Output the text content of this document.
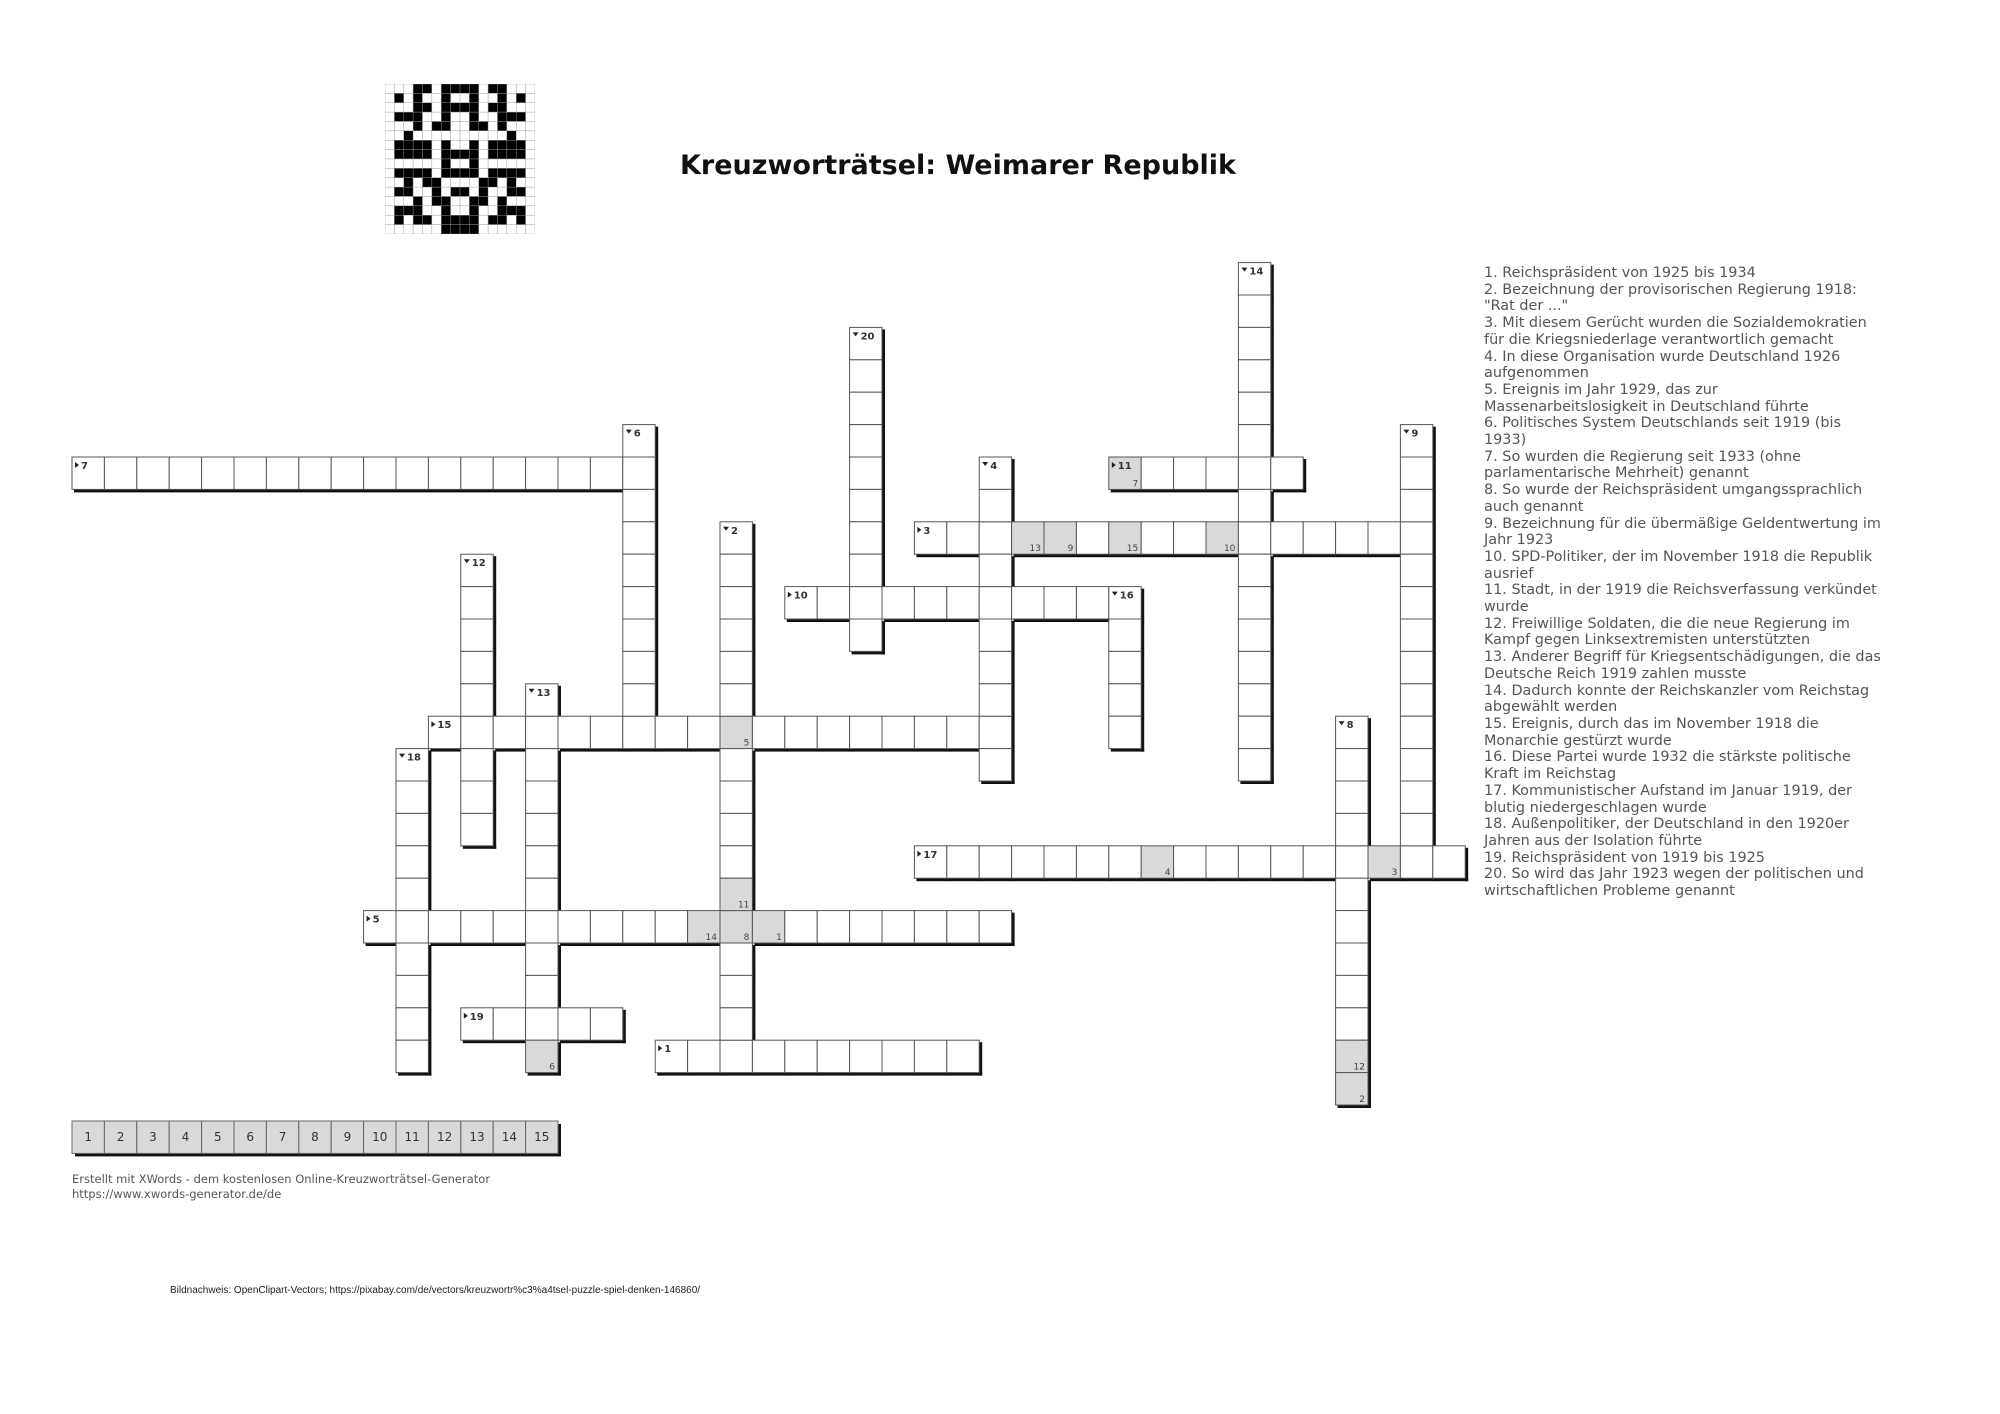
Kreuzworträtsel: Weimarer Republik
7
13	9	15	10
5
4	3
11
14	8	1
6	12
2
7	11
3
10
15
17
5
19
1
14
20
6
4
9
2
12
16
13
18
8
1. Reichspräsident von 1925 bis 1934
2. Bezeichnung der provisorischen Regierung 1918: "Rat der ..."
3. Mit diesem Gerücht wurden die Sozialdemokratien für die Kriegsniederlage verantwortlich gemacht
4. In diese Organisation wurde Deutschland 1926 aufgenommen
5. Ereignis im Jahr 1929, das zur Massenarbeitslosigkeit in Deutschland führte
6. Politisches System Deutschlands seit 1919 (bis 1933)
7. So wurden die Regierung seit 1933 (ohne parlamentarische Mehrheit) genannt
8. So wurde der Reichspräsident umgangssprachlich auch genannt
9. Bezeichnung für die übermäßige Geldentwertung im Jahr 1923
10. SPD-Politiker, der im November 1918 die Republik ausrief
11. Stadt, in der 1919 die Reichsverfassung verkündet wurde
12. Freiwillige Soldaten, die die neue Regierung im Kampf gegen Linksextremisten unterstützten
13. Anderer Begriff für Kriegsentschädigungen, die das Deutsche Reich 1919 zahlen musste
14. Dadurch konnte der Reichskanzler vom Reichstag abgewählt werden
15. Ereignis, durch das im November 1918 die Monarchie gestürzt wurde
16. Diese Partei wurde 1932 die stärkste politische Kraft im Reichstag
17. Kommunistischer Aufstand im Januar 1919, der blutig niedergeschlagen wurde
18. Außenpolitiker, der Deutschland in den 1920er Jahren aus der Isolation führte
19. Reichspräsident von 1919 bis 1925
20. So wird das Jahr 1923 wegen der politischen und wirtschaftlichen Probleme genannt
1 2 3 4 5 6 7 8 9 10 11 12 13 14 15
Erstellt mit XWords - dem kostenlosen Online-Kreuzworträtsel-Generator
https://www.xwords-generator.de/de
Bildnachweis: OpenClipart-Vectors; https://pixabay.com/de/vectors/kreuzwortr%c3%a4tsel-puzzle-spiel-denken-146860/
